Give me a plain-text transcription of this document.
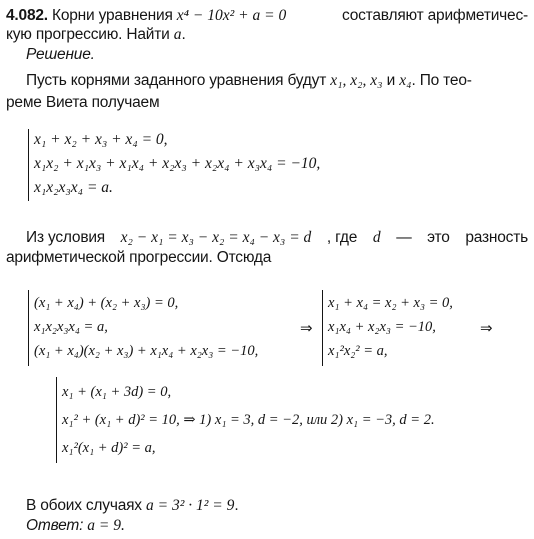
4.082. Корни уравнения x⁴ − 10x² + a = 0	составляют арифметичес-
кую прогрессию. Найти a.
Решение.
Пусть корнями заданного уравнения будут x₁, x₂, x₃ и x₄. По тео-
реме Виета получаем
x₁ + x₂ + x₃ + x₄ = 0,
x₁x₂ + x₁x₃ + x₁x₄ + x₂x₃ + x₂x₄ + x₃x₄ = −10,
x₁x₂x₃x₄ = a.
Из условия x₂ − x₁ = x₃ − x₂ = x₄ − x₃ = d , где d — это разность
арифметической прогрессии. Отсюда
(x₁ + x₄) + (x₂ + x₃) = 0,
x₁x₂x₃x₄ = a,
(x₁ + x₄)(x₂ + x₃) + x₁x₄ + x₂x₃ = −10,
⇒
x₁ + x₄ = x₂ + x₃ = 0,
x₁x₄ + x₂x₃ = −10,
x₁²x₂² = a,
⇒
x₁ + (x₁ + 3d) = 0,
x₁² + (x₁ + d)² = 10, ⇒ 1) x₁ = 3, d = −2, или 2) x₁ = −3, d = 2.
x₁²(x₁ + d)² = a,
В обоих случаях a = 3² · 1² = 9.
Ответ: a = 9.
